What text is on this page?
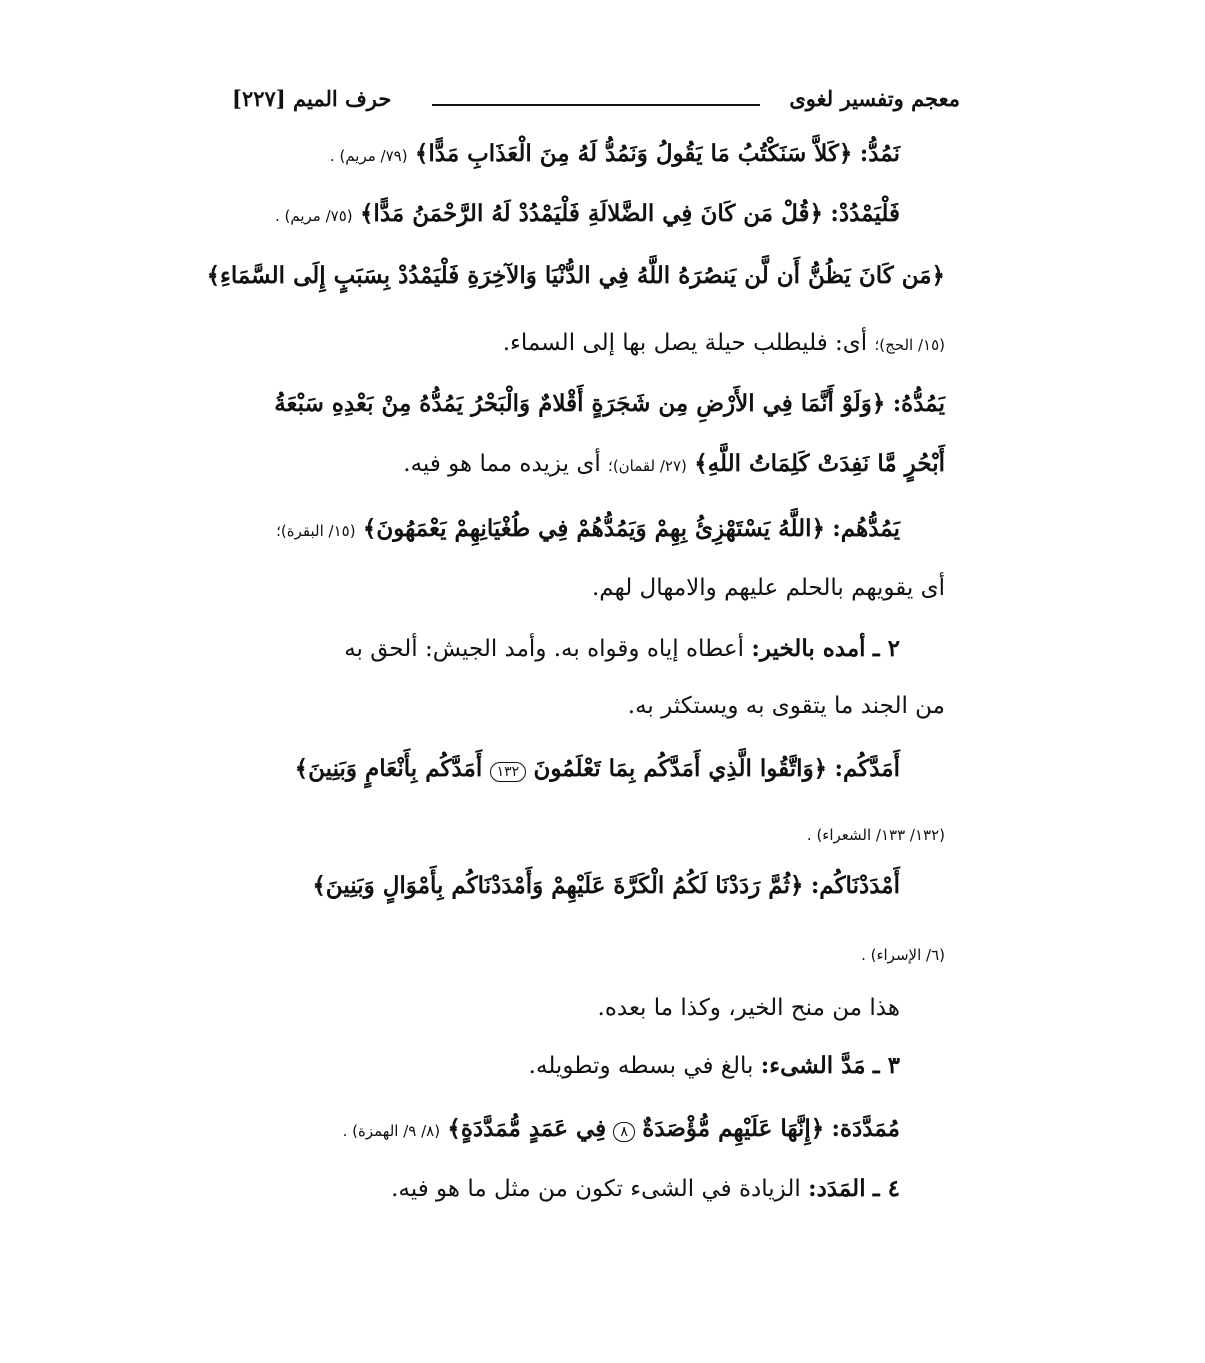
معجم وتفسير لغوى
حرف الميم [٢٢٧]
نَمُدُّ: ﴿كَلاَّ سَنَكْتُبُ مَا يَقُولُ وَنَمُدُّ لَهُ مِنَ الْعَذَابِ مَدًّا﴾ (٧٩/ مريم) .
فَلْيَمْدُدْ: ﴿قُلْ مَن كَانَ فِي الضَّلالَةِ فَلْيَمْدُدْ لَهُ الرَّحْمَنُ مَدًّا﴾ (٧٥/ مريم) .
﴿مَن كَانَ يَظُنُّ أَن لَّن يَنصُرَهُ اللَّهُ فِي الدُّنْيَا وَالآخِرَةِ فَلْيَمْدُدْ بِسَبَبٍ إِلَى السَّمَاءِ﴾
(١٥/ الحج)؛ أى: فليطلب حيلة يصل بها إلى السماء.
يَمُدُّهُ: ﴿وَلَوْ أَنَّمَا فِي الأَرْضِ مِن شَجَرَةٍ أَقْلامٌ وَالْبَحْرُ يَمُدُّهُ مِنْ بَعْدِهِ سَبْعَةُ
أَبْحُرٍ مَّا نَفِدَتْ كَلِمَاتُ اللَّهِ﴾ (٢٧/ لقمان)؛ أى يزيده مما هو فيه.
يَمُدُّهُم: ﴿اللَّهُ يَسْتَهْزِئُ بِهِمْ وَيَمُدُّهُمْ فِي طُغْيَانِهِمْ يَعْمَهُونَ﴾ (١٥/ البقرة)؛
أى يقويهم بالحلم عليهم والامهال لهم.
٢ ـ أمده بالخير: أعطاه إياه وقواه به. وأمد الجيش: ألحق به
من الجند ما يتقوى به ويستكثر به.
أَمَدَّكُم: ﴿وَاتَّقُوا الَّذِي أَمَدَّكُم بِمَا تَعْلَمُونَ ١٣٢ أَمَدَّكُم بِأَنْعَامٍ وَبَنِينَ﴾
(١٣٢/ ١٣٣/ الشعراء) .
أَمْدَدْنَاكُم: ﴿ثُمَّ رَدَدْنَا لَكُمُ الْكَرَّةَ عَلَيْهِمْ وَأَمْدَدْنَاكُم بِأَمْوَالٍ وَبَنِينَ﴾
(٦/ الإسراء) .
هذا من منح الخير، وكذا ما بعده.
٣ ـ مَدَّ الشىء: بالغ في بسطه وتطويله.
مُمَدَّدَة: ﴿إِنَّهَا عَلَيْهِم مُّؤْصَدَةٌ ٨ فِي عَمَدٍ مُّمَدَّدَةٍ﴾ (٨/ ٩/ الهمزة) .
٤ ـ المَدَد: الزيادة في الشىء تكون من مثل ما هو فيه.
